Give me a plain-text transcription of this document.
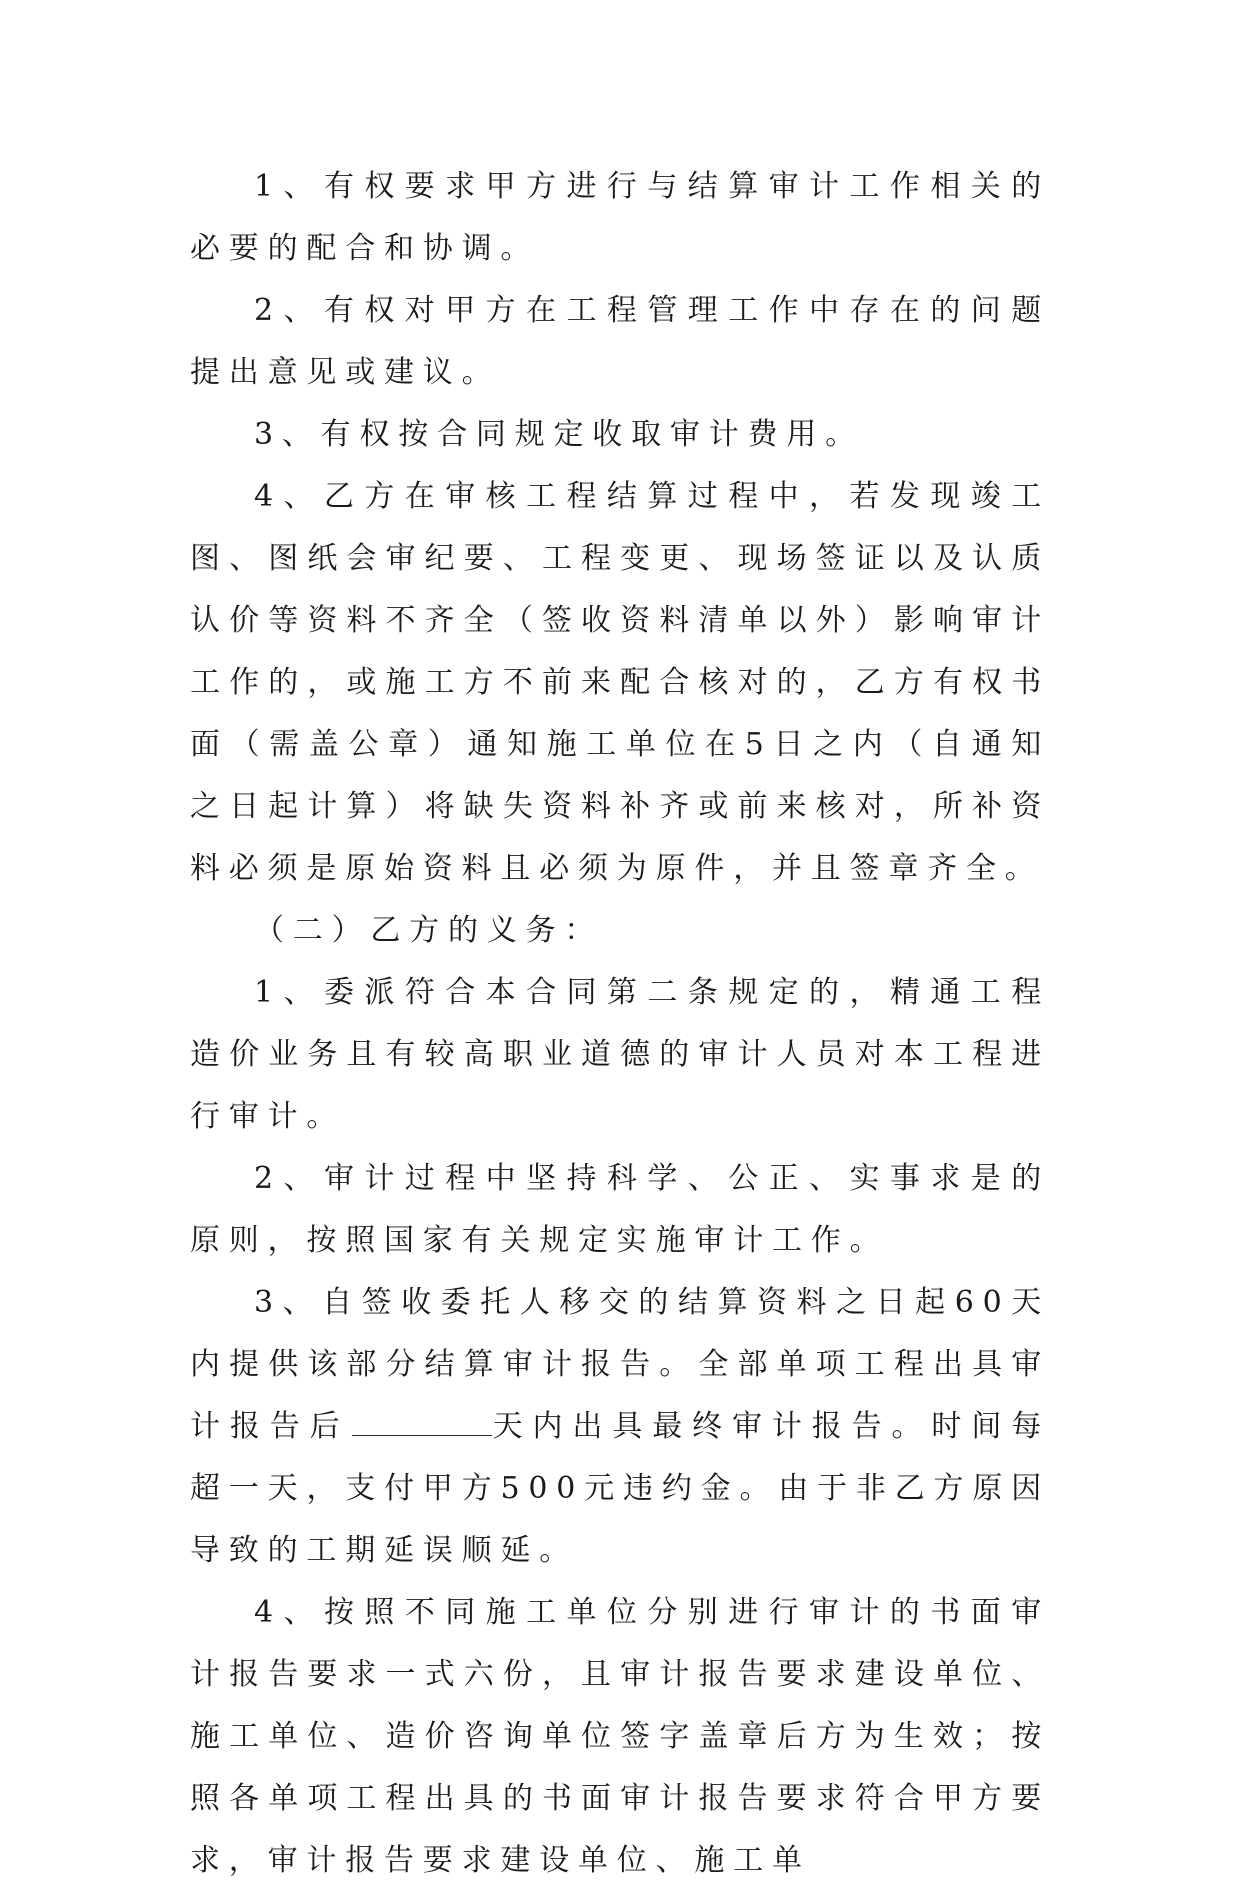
1、有权要求甲方进行与结算审计工作相关的必要的配合和协调。

2、有权对甲方在工程管理工作中存在的问题提出意见或建议。

3、有权按合同规定收取审计费用。

4、乙方在审核工程结算过程中，若发现竣工图、图纸会审纪要、工程变更、现场签证以及认质认价等资料不齐全（签收资料清单以外）影响审计工作的，或施工方不前来配合核对的，乙方有权书面（需盖公章）通知施工单位在5日之内（自通知之日起计算）将缺失资料补齐或前来核对，所补资料必须是原始资料且必须为原件，并且签章齐全。

（二）乙方的义务：

1、委派符合本合同第二条规定的，精通工程造价业务且有较高职业道德的审计人员对本工程进行审计。

2、审计过程中坚持科学、公正、实事求是的原则，按照国家有关规定实施审计工作。

3、自签收委托人移交的结算资料之日起60天内提供该部分结算审计报告。全部单项工程出具审计报告后	天内出具最终审计报告。时间每超一天，支付甲方500元违约金。由于非乙方原因导致的工期延误顺延。

4、按照不同施工单位分别进行审计的书面审计报告要求一式六份，且审计报告要求建设单位、施工单位、造价咨询单位签字盖章后方为生效；按照各单项工程出具的书面审计报告要求符合甲方要求，审计报告要求建设单位、施工单
